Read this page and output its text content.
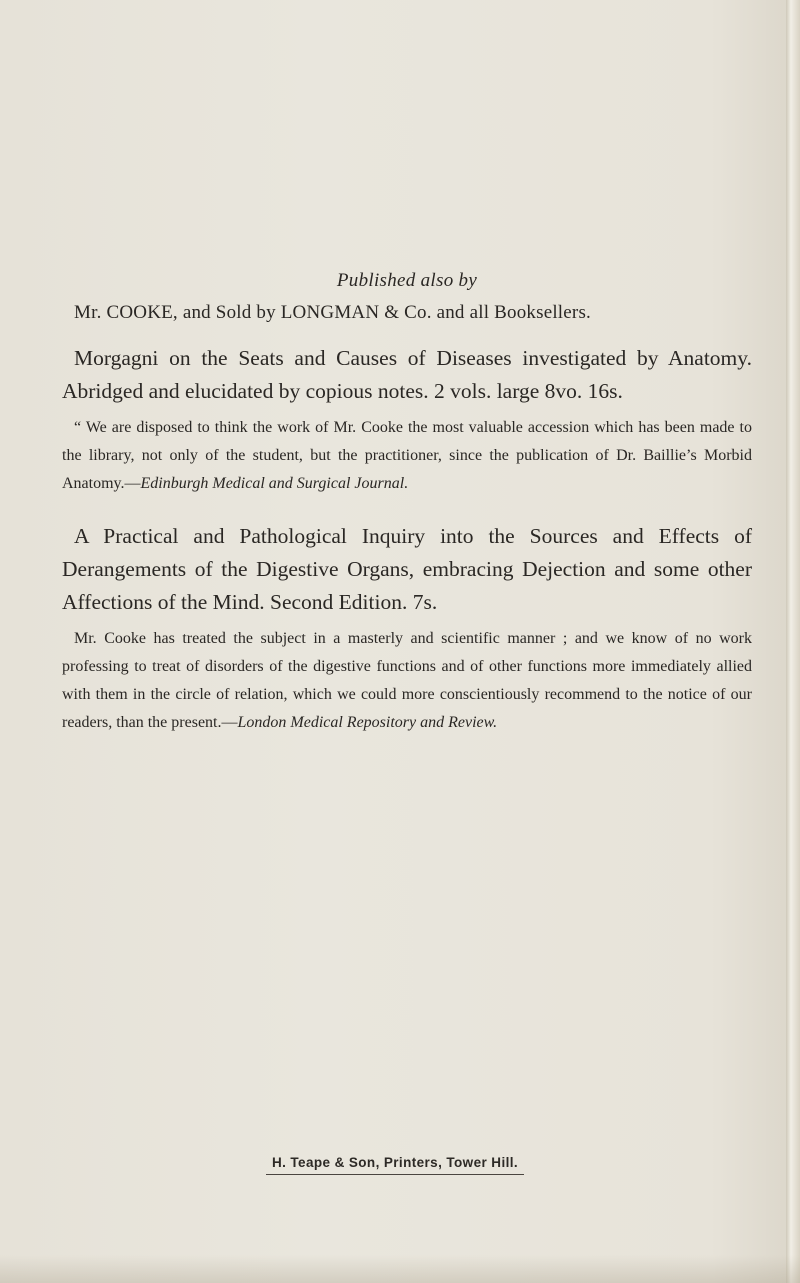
Published also by

Mr. COOKE, and Sold by LONGMAN & Co. and all Booksellers.

Morgagni on the Seats and Causes of Diseases investigated by Anatomy. Abridged and elucidated by copious notes. 2 vols. large 8vo. 16s.

“ We are disposed to think the work of Mr. Cooke the most valuable accession which has been made to the library, not only of the student, but the practitioner, since the publication of Dr. Baillie’s Morbid Anatomy.—Edinburgh Medical and Surgical Journal.

A Practical and Pathological Inquiry into the Sources and Effects of Derangements of the Digestive Organs, embracing Dejection and some other Affections of the Mind. Second Edition. 7s.

Mr. Cooke has treated the subject in a masterly and scientific manner ; and we know of no work professing to treat of disorders of the digestive functions and of other functions more immediately allied with them in the circle of relation, which we could more conscientiously recommend to the notice of our readers, than the present.—London Medical Repository and Review.

H. Teape & Son, Printers, Tower Hill.
